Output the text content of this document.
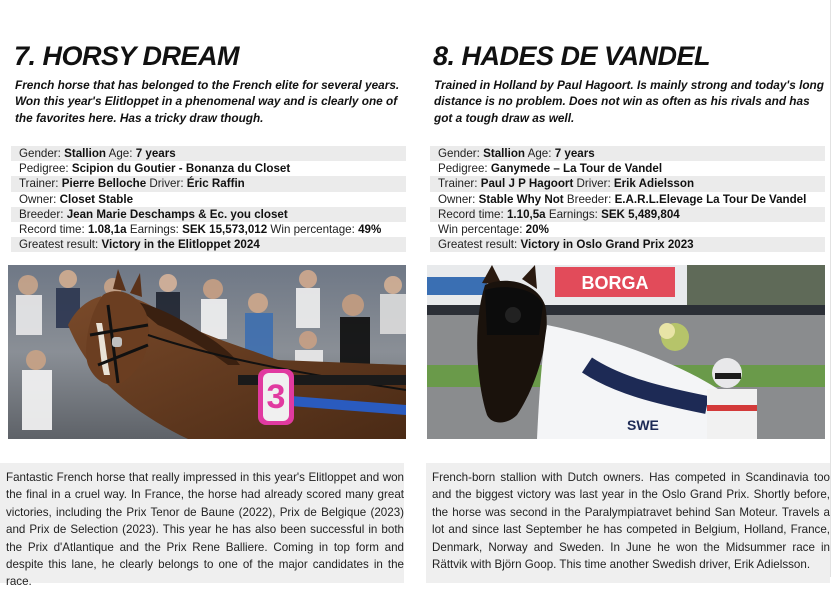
7. HORSY DREAM

French horse that has belonged to the French elite for several years. Won this year's Elitloppet in a phenomenal way and is clearly one of the favorites here. Has a tricky draw though.

Gender: Stallion Age: 7 years
Pedigree: Scipion du Goutier - Bonanza du Closet
Trainer: Pierre Belloche Driver: Éric Raffin
Owner: Closet Stable
Breeder: Jean Marie Deschamps & Ec. you closet
Record time: 1.08,1a Earnings: SEK 15,573,012 Win percentage: 49%
Greatest result: Victory in the Elitloppet 2024
3

Fantastic French horse that really impressed in this year's Elitloppet and won the final in a cruel way. In France, the horse had already scored many great victories, including the Prix Tenor de Baune (2022), Prix de Belgique (2023) and Prix de Selection (2023). This year he has also been successful in both the Prix d'Atlantique and the Prix Rene Balliere. Coming in top form and despite this lane, he clearly belongs to one of the major candidates in the race.

8. HADES DE VANDEL

Trained in Holland by Paul Hagoort. Is mainly strong and today's long distance is no problem. Does not win as often as his rivals and has got a tough draw as well.

Gender: Stallion Age: 7 years
Pedigree: Ganymede – La Tour de Vandel
Trainer: Paul J P Hagoort Driver: Erik Adielsson
Owner: Stable Why Not Breeder: E.A.R.L.Elevage La Tour De Vandel
Record time: 1.10,5a Earnings: SEK 5,489,804
Win percentage: 20%
Greatest result: Victory in Oslo Grand Prix 2023
BORGA
SWE

French-born stallion with Dutch owners. Has competed in Scandinavia too and the biggest victory was last year in the Oslo Grand Prix. Shortly before, the horse was second in the Paralympiatravet behind San Moteur. Travels a lot and since last September he has competed in Belgium, Holland, France, Denmark, Norway and Sweden. In June he won the Midsummer race in Rättvik with Björn Goop. This time another Swedish driver, Erik Adielsson.
